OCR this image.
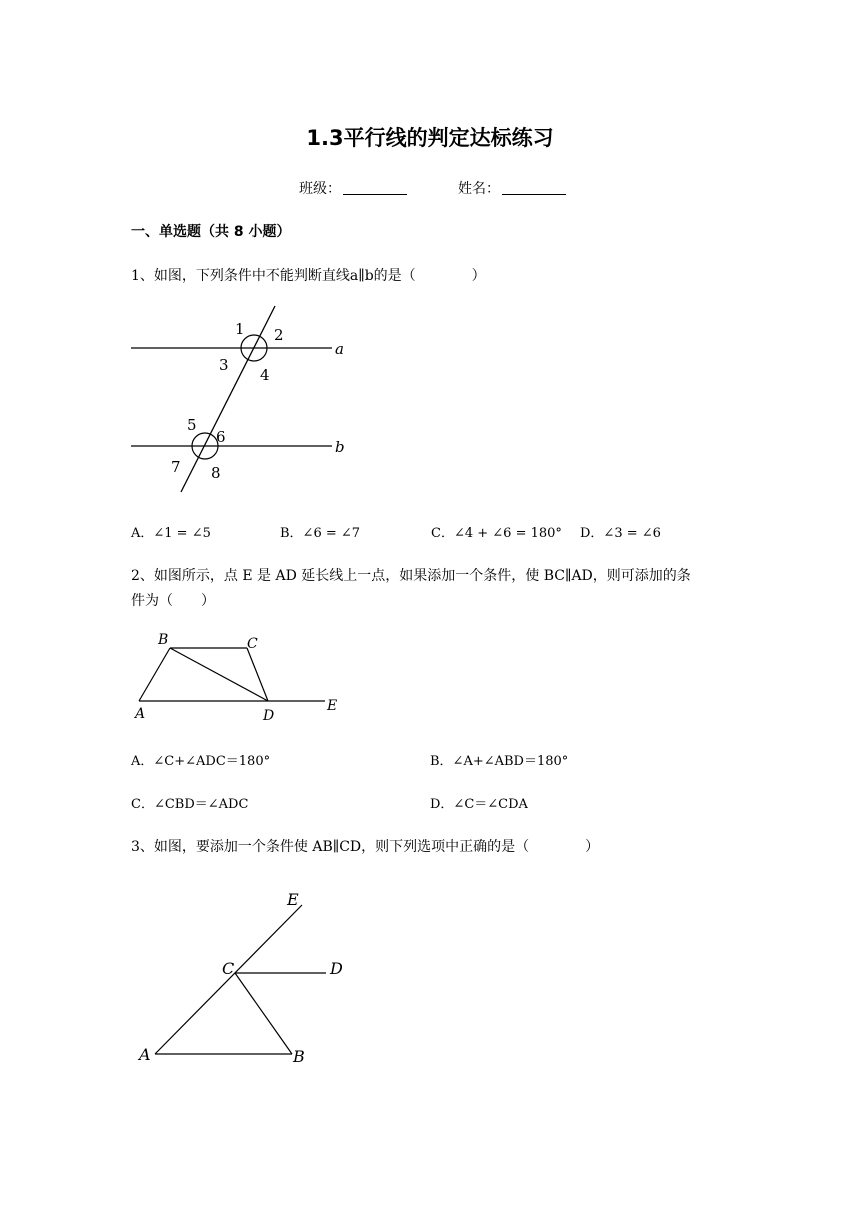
1.3平行线的判定达标练习
班级：	姓名：
一、单选题（共 8 小题）
1、如图，下列条件中不能判断直线a∥b的是（　　　　）
1 2
3
4
5
6
7 8
a
b
A．∠1 = ∠5	B．∠6 = ∠7	C．∠4 + ∠6 = 180° D．∠3 = ∠6
2、如图所示，点 E 是 AD 延长线上一点，如果添加一个条件，使 BC∥AD，则可添加的条
件为（　　）
B	C
A	D
E
A．∠C+∠ADC＝180°	B．∠A+∠ABD＝180°
C．∠CBD＝∠ADC	D．∠C＝∠CDA
3、如图，要添加一个条件使 AB∥CD，则下列选项中正确的是（　　　　）
E
C	D
A	B
